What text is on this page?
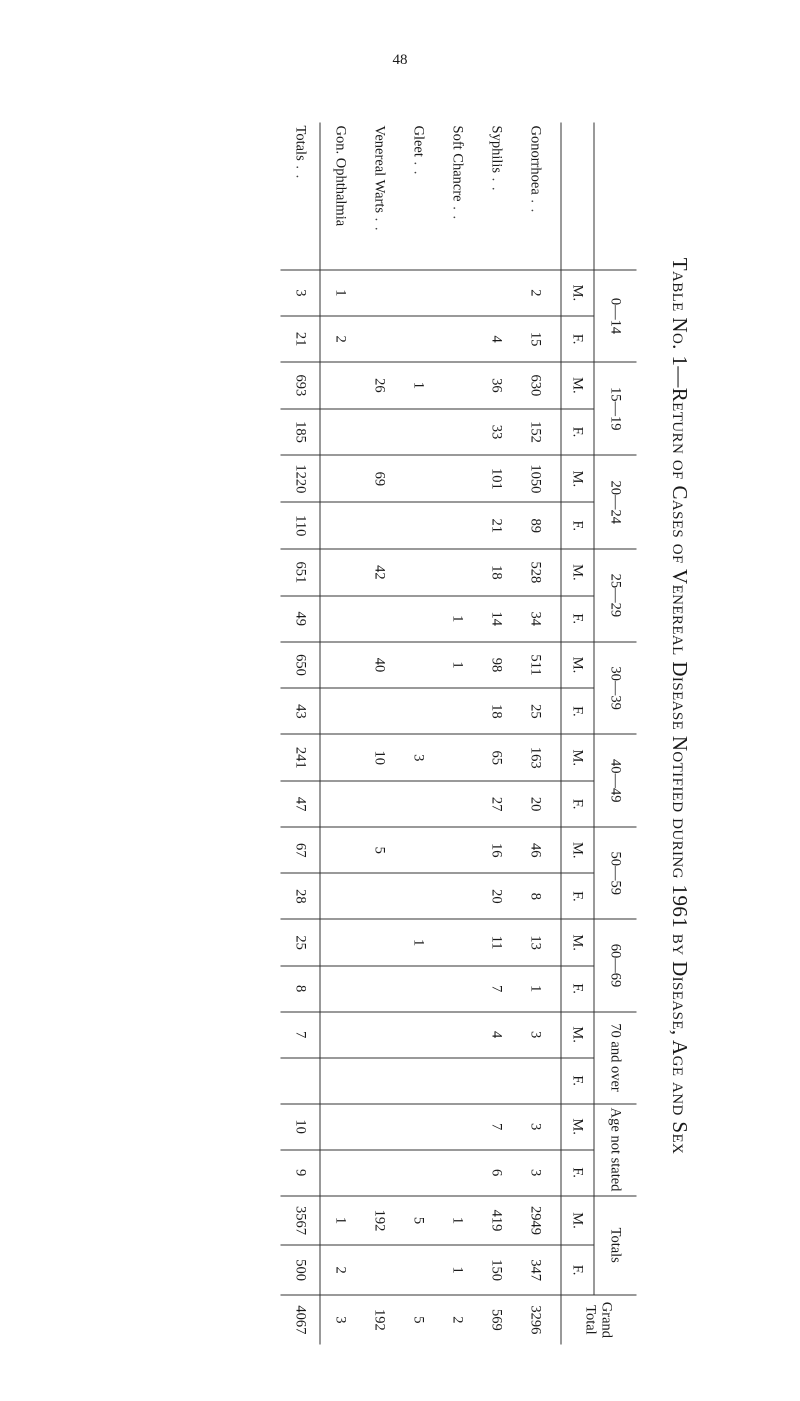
48
Table No. 1—Return of Cases of Venereal Disease Notified during 1961 by Disease, Age and Sex
	0—14		15—19		20—24		25—29		30—39		40—49		50—59		60—69		70 and over		Age not stated		Totals		Grand Total
	M.	F.	M.	F.	M.	F.	M.	F.	M.	F.	M.	F.	M.	F.	M.	F.	M.	F.	M.	F.	M.	F.	
Gonorrhoea . .	2	15	630	152	1050	89	528	34	511	25	163	20	46	8	13	1	3		3	3	2949	347	3296
Syphilis . .		4	36	33	101	21	18	14	98	18	65	27	16	20	11	7	4		7	6	419	150	569
Soft Chancre . .								1	1												1	1	2
Gleet . .			1								3				1						5		5
Venereal Warts . .			26		69		42		40		10		5								192		192
Gon. Ophthalmia	1	2																			1	2	3
Totals . .	3	21	693	185	1220	110	651	49	650	43	241	47	67	28	25	8	7		10	9	3567	500	4067
